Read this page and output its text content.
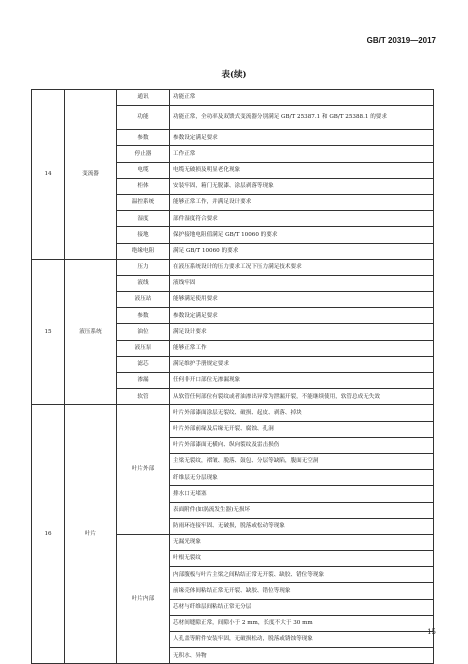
GB/T 20319—2017
表(续)
14	变流器	通讯	功能正常
		功能	功能正常，全功率及双馈式变流器分别满足 GB/T 25387.1 和 GB/T 25388.1 的要求
		参数	参数设定满足要求
		停止器	工作正常
		电缆	电缆无破损及明显老化现象
		柜体	安装牢固，箱门无脱漆、涂层剥落等现象
		温控系统	能够正常工作，并满足设计要求
		湿度	部件湿度符合要求
		接地	保护接地电阻值满足 GB/T 10060 的要求
		绝缘电阻	满足 GB/T 10060 的要求
15	液压系统	压力	在液压系统设计的压力要求工况下压力满足技术要求
		液线	液线牢固
		液压站	能够满足使用要求
		参数	参数设定满足要求
		油位	满足设计要求
		液压泵	能够正常工作
		滤芯	满足维护手册规定要求
		渗漏	任何非开口部位无渗漏现象
		软管	从软管任何部位有裂纹或者油渗出异常为泄漏开裂，不能继续使用，软管总成无失效
16	叶片	叶片外部	叶片外部漆面涂层无裂纹、破损、起皮、剥落、掉块
			叶片外部前缘及后缘无开裂、腐蚀、孔洞
			叶片外部漆面无横向、纵向裂纹及雷击损伤
			主梁无裂纹，褶皱、脱落、鼓包、分层等缺陷，腹面无空洞
			纤维层无分层现象
			排水口无堵塞
			表面附件(如涡流发生器)无损坏
			防雨环连接牢固、无破损，脱落或松动等现象
		叶片内部	无漏光现象
			叶根无裂纹
			内部腹板与叶片主梁之间粘结正常无开裂、缺胶、错位等现象
			前缘壳体间粘结正常无开裂、缺胶、错位等现象
			芯材与纤维层间粘结正常无分层
			芯材间缝隙正常，间隙小于 2 mm，长度不大于 30 mm
			人孔盖等附件安装牢固，无破损松动，脱落或锈蚀等现象
			无积水、异物
15
